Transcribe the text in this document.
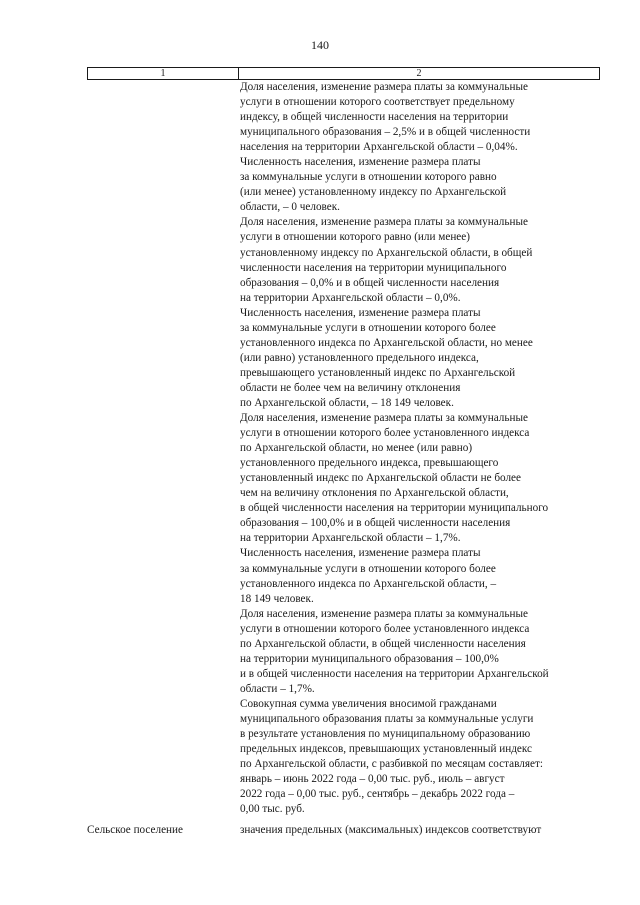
140
1	2
Доля населения, изменение размера платы за коммунальные
услуги в отношении которого соответствует предельному
индексу, в общей численности населения на территории
муниципального образования – 2,5% и в общей численности
населения на территории Архангельской области – 0,04%.
Численность населения, изменение размера платы
за коммунальные услуги в отношении которого равно
(или менее) установленному индексу по Архангельской
области, – 0 человек.
Доля населения, изменение размера платы за коммунальные
услуги в отношении которого равно (или менее)
установленному индексу по Архангельской области, в общей
численности населения на территории муниципального
образования – 0,0% и в общей численности населения
на территории Архангельской области – 0,0%.
Численность населения, изменение размера платы
за коммунальные услуги в отношении которого более
установленного индекса по Архангельской области, но менее
(или равно) установленного предельного индекса,
превышающего установленный индекс по Архангельской
области не более чем на величину отклонения
по Архангельской области, – 18 149 человек.
Доля населения, изменение размера платы за коммунальные
услуги в отношении которого более установленного индекса
по Архангельской области, но менее (или равно)
установленного предельного индекса, превышающего
установленный индекс по Архангельской области не более
чем на величину отклонения по Архангельской области,
в общей численности населения на территории муниципального
образования – 100,0% и в общей численности населения
на территории Архангельской области – 1,7%.
Численность населения, изменение размера платы
за коммунальные услуги в отношении которого более
установленного индекса по Архангельской области, –
18 149 человек.
Доля населения, изменение размера платы за коммунальные
услуги в отношении которого более установленного индекса
по Архангельской области, в общей численности населения
на территории муниципального образования – 100,0%
и в общей численности населения на территории Архангельской
области – 1,7%.
Совокупная сумма увеличения вносимой гражданами
муниципального образования платы за коммунальные услуги
в результате установления по муниципальному образованию
предельных индексов, превышающих установленный индекс
по Архангельской области, с разбивкой по месяцам составляет:
январь – июнь 2022 года – 0,00 тыс. руб., июль – август
2022 года – 0,00 тыс. руб., сентябрь – декабрь 2022 года –
0,00 тыс. руб.
Сельское поселение	значения предельных (максимальных) индексов соответствуют
